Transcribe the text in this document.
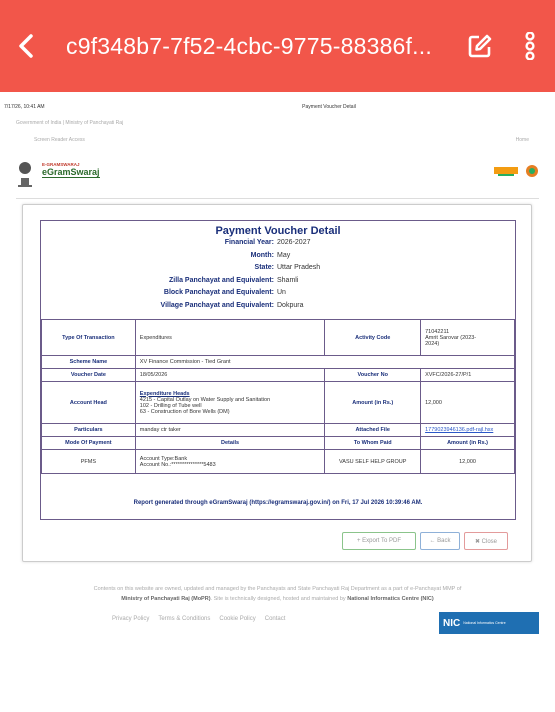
c9f348b7-7f52-4cbc-9775-88386f...
7/17/26, 10:41 AM	Payment Voucher Detail
Government of India | Ministry of Panchayati Raj
Screen Reader Access	Home
E-GRAMSWARAJ
eGramSwaraj
Payment Voucher Detail
Financial Year: 2026-2027
Month: May
State: Uttar Pradesh
Zilla Panchayat and Equivalent: Shamli
Block Panchayat and Equivalent: Un
Village Panchayat and Equivalent: Dokpura
Type Of Transaction	Expenditures	Activity Code	71042211
Amrit Sarovar (2023-
2024)

Scheme Name	XV Finance Commission - Tied Grant		
Voucher Date	18/05/2026	Voucher No	XVFC/2026-27/P/1
Account Head	Expenditure Heads
4215 - Capital Outlay on Water Supply and Sanitation
102 - Drilling of Tube well
63 - Construction of Bore Wells (DM)	Amount (in Rs.)	12,000
Particulars	manday ctr taker	Attached File	1779023946136.pdf-rajl.hsx
Mode Of Payment	Details	To Whom Paid	Amount (in Rs.)
PFMS	Account Type:Bank
Account No.:***************5483	VASU SELF HELP GROUP	12,000
Report generated through eGramSwaraj (https://egramswaraj.gov.in/) on Fri, 17 Jul 2026 10:39:46 AM.
+ Export To PDF	← Back	✖ Close
Contents on this website are owned, updated and managed by the Panchayats and State Panchayati Raj Department as a part of e-Panchayat MMP of
Ministry of Panchayati Raj (MoPR). Site is technically designed, hosted and maintained by National Informatics Centre (NIC)
Privacy Policy Terms & Conditions Cookie Policy Contact	NIC National Informatics Centre
